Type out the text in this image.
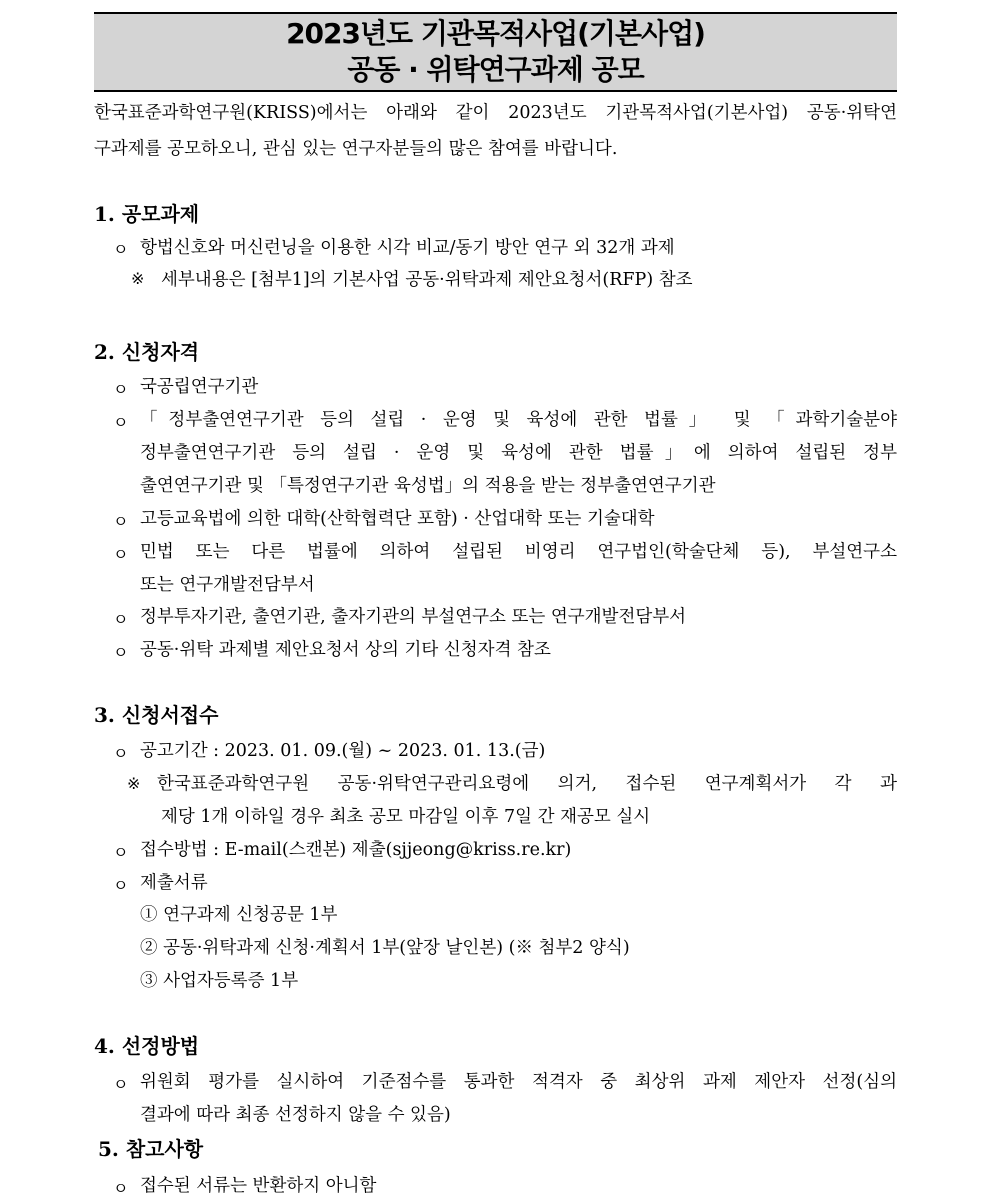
2023년도 기관목적사업(기본사업)
공동 · 위탁연구과제 공모
한국표준과학연구원(KRISS)에서는 아래와 같이 2023년도 기관목적사업(기본사업) 공동·위탁연
구과제를 공모하오니, 관심 있는 연구자분들의 많은 참여를 바랍니다.
1. 공모과제
ㅇ 항법신호와 머신런닝을 이용한 시각 비교/동기 방안 연구 외 32개 과제
※ 세부내용은 [첨부1]의 기본사업 공동·위탁과제 제안요청서(RFP) 참조
2. 신청자격
ㅇ 국공립연구기관
ㅇ 「정부출연연구기관 등의 설립 · 운영 및 육성에 관한 법률」 및 「과학기술분야
정부출연연구기관 등의 설립 · 운영 및 육성에 관한 법률」에 의하여 설립된 정부
출연연구기관 및 「특정연구기관 육성법」의 적용을 받는 정부출연연구기관
ㅇ 고등교육법에 의한 대학(산학협력단 포함) · 산업대학 또는 기술대학
ㅇ 민법 또는 다른 법률에 의하여 설립된 비영리 연구법인(학술단체 등), 부설연구소
또는 연구개발전담부서
ㅇ 정부투자기관, 출연기관, 출자기관의 부설연구소 또는 연구개발전담부서
ㅇ 공동·위탁 과제별 제안요청서 상의 기타 신청자격 참조
3. 신청서접수
ㅇ 공고기간 : 2023. 01. 09.(월) ~ 2023. 01. 13.(금)
※ 한국표준과학연구원 공동·위탁연구관리요령에 의거, 접수된 연구계획서가 각 과
제당 1개 이하일 경우 최초 공모 마감일 이후 7일 간 재공모 실시
ㅇ 접수방법 : E-mail(스캔본) 제출(sjjeong@kriss.re.kr)
ㅇ 제출서류
① 연구과제 신청공문 1부
② 공동·위탁과제 신청·계획서 1부(앞장 날인본) (※ 첨부2 양식)
③ 사업자등록증 1부
4. 선정방법
ㅇ 위원회 평가를 실시하여 기준점수를 통과한 적격자 중 최상위 과제 제안자 선정(심의
결과에 따라 최종 선정하지 않을 수 있음)
5. 참고사항
ㅇ 접수된 서류는 반환하지 아니함
